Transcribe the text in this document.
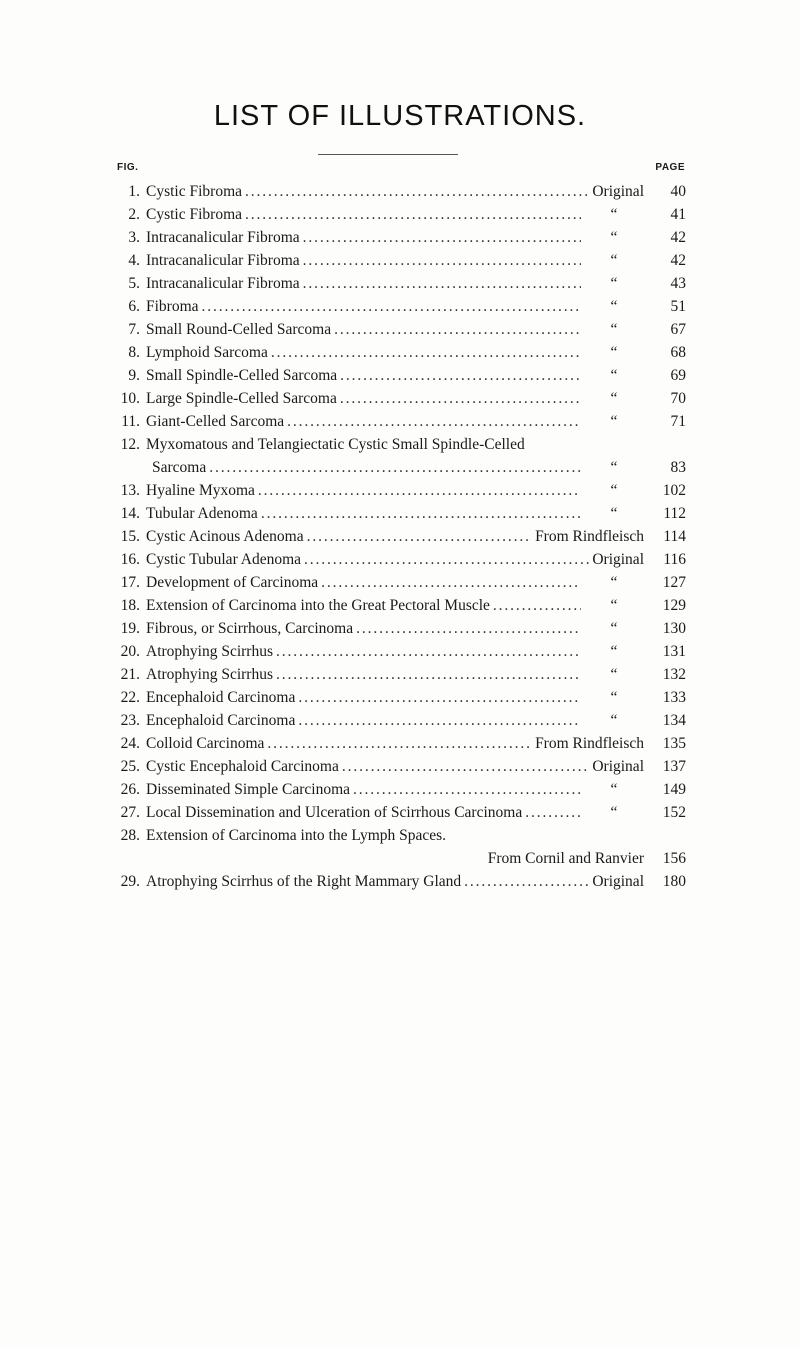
LIST OF ILLUSTRATIONS.
FIG.	PAGE
1. Cystic Fibroma . . .	Original	40
2. Cystic Fibroma . . .	“	41
3. Intracanalicular Fibroma . . .	“	42
4. Intracanalicular Fibroma . . .	“	42
5. Intracanalicular Fibroma . . .	“	43
6. Fibroma . . .	“	51
7. Small Round-Celled Sarcoma . . .	“	67
8. Lymphoid Sarcoma . . .	“	68
9. Small Spindle-Celled Sarcoma . . .	“	69
10. Large Spindle-Celled Sarcoma . . .	“	70
11. Giant-Celled Sarcoma . . .	“	71
12. Myxomatous and Telangiectatic Cystic Small Spindle-Celled
Sarcoma . . .	“	83
13. Hyaline Myxoma . . .	“	102
14. Tubular Adenoma . . .	“	112
15. Cystic Acinous Adenoma . . .	From Rindfleisch	114
16. Cystic Tubular Adenoma . . .	Original	116
17. Development of Carcinoma . . .	“	127
18. Extension of Carcinoma into the Great Pectoral Muscle . . .	“	129
19. Fibrous, or Scirrhous, Carcinoma . . .	“	130
20. Atrophying Scirrhus . . .	“	131
21. Atrophying Scirrhus . . .	“	132
22. Encephaloid Carcinoma . . .	“	133
23. Encephaloid Carcinoma . . .	“	134
24. Colloid Carcinoma . . .	From Rindfleisch	135
25. Cystic Encephaloid Carcinoma . . .	Original	137
26. Disseminated Simple Carcinoma . . .	“	149
27. Local Dissemination and Ulceration of Scirrhous Carcinoma . . .	“	152
28. Extension of Carcinoma into the Lymph Spaces.
From Cornil and Ranvier	156
29. Atrophying Scirrhus of the Right Mammary Gland . . .	Original	180
